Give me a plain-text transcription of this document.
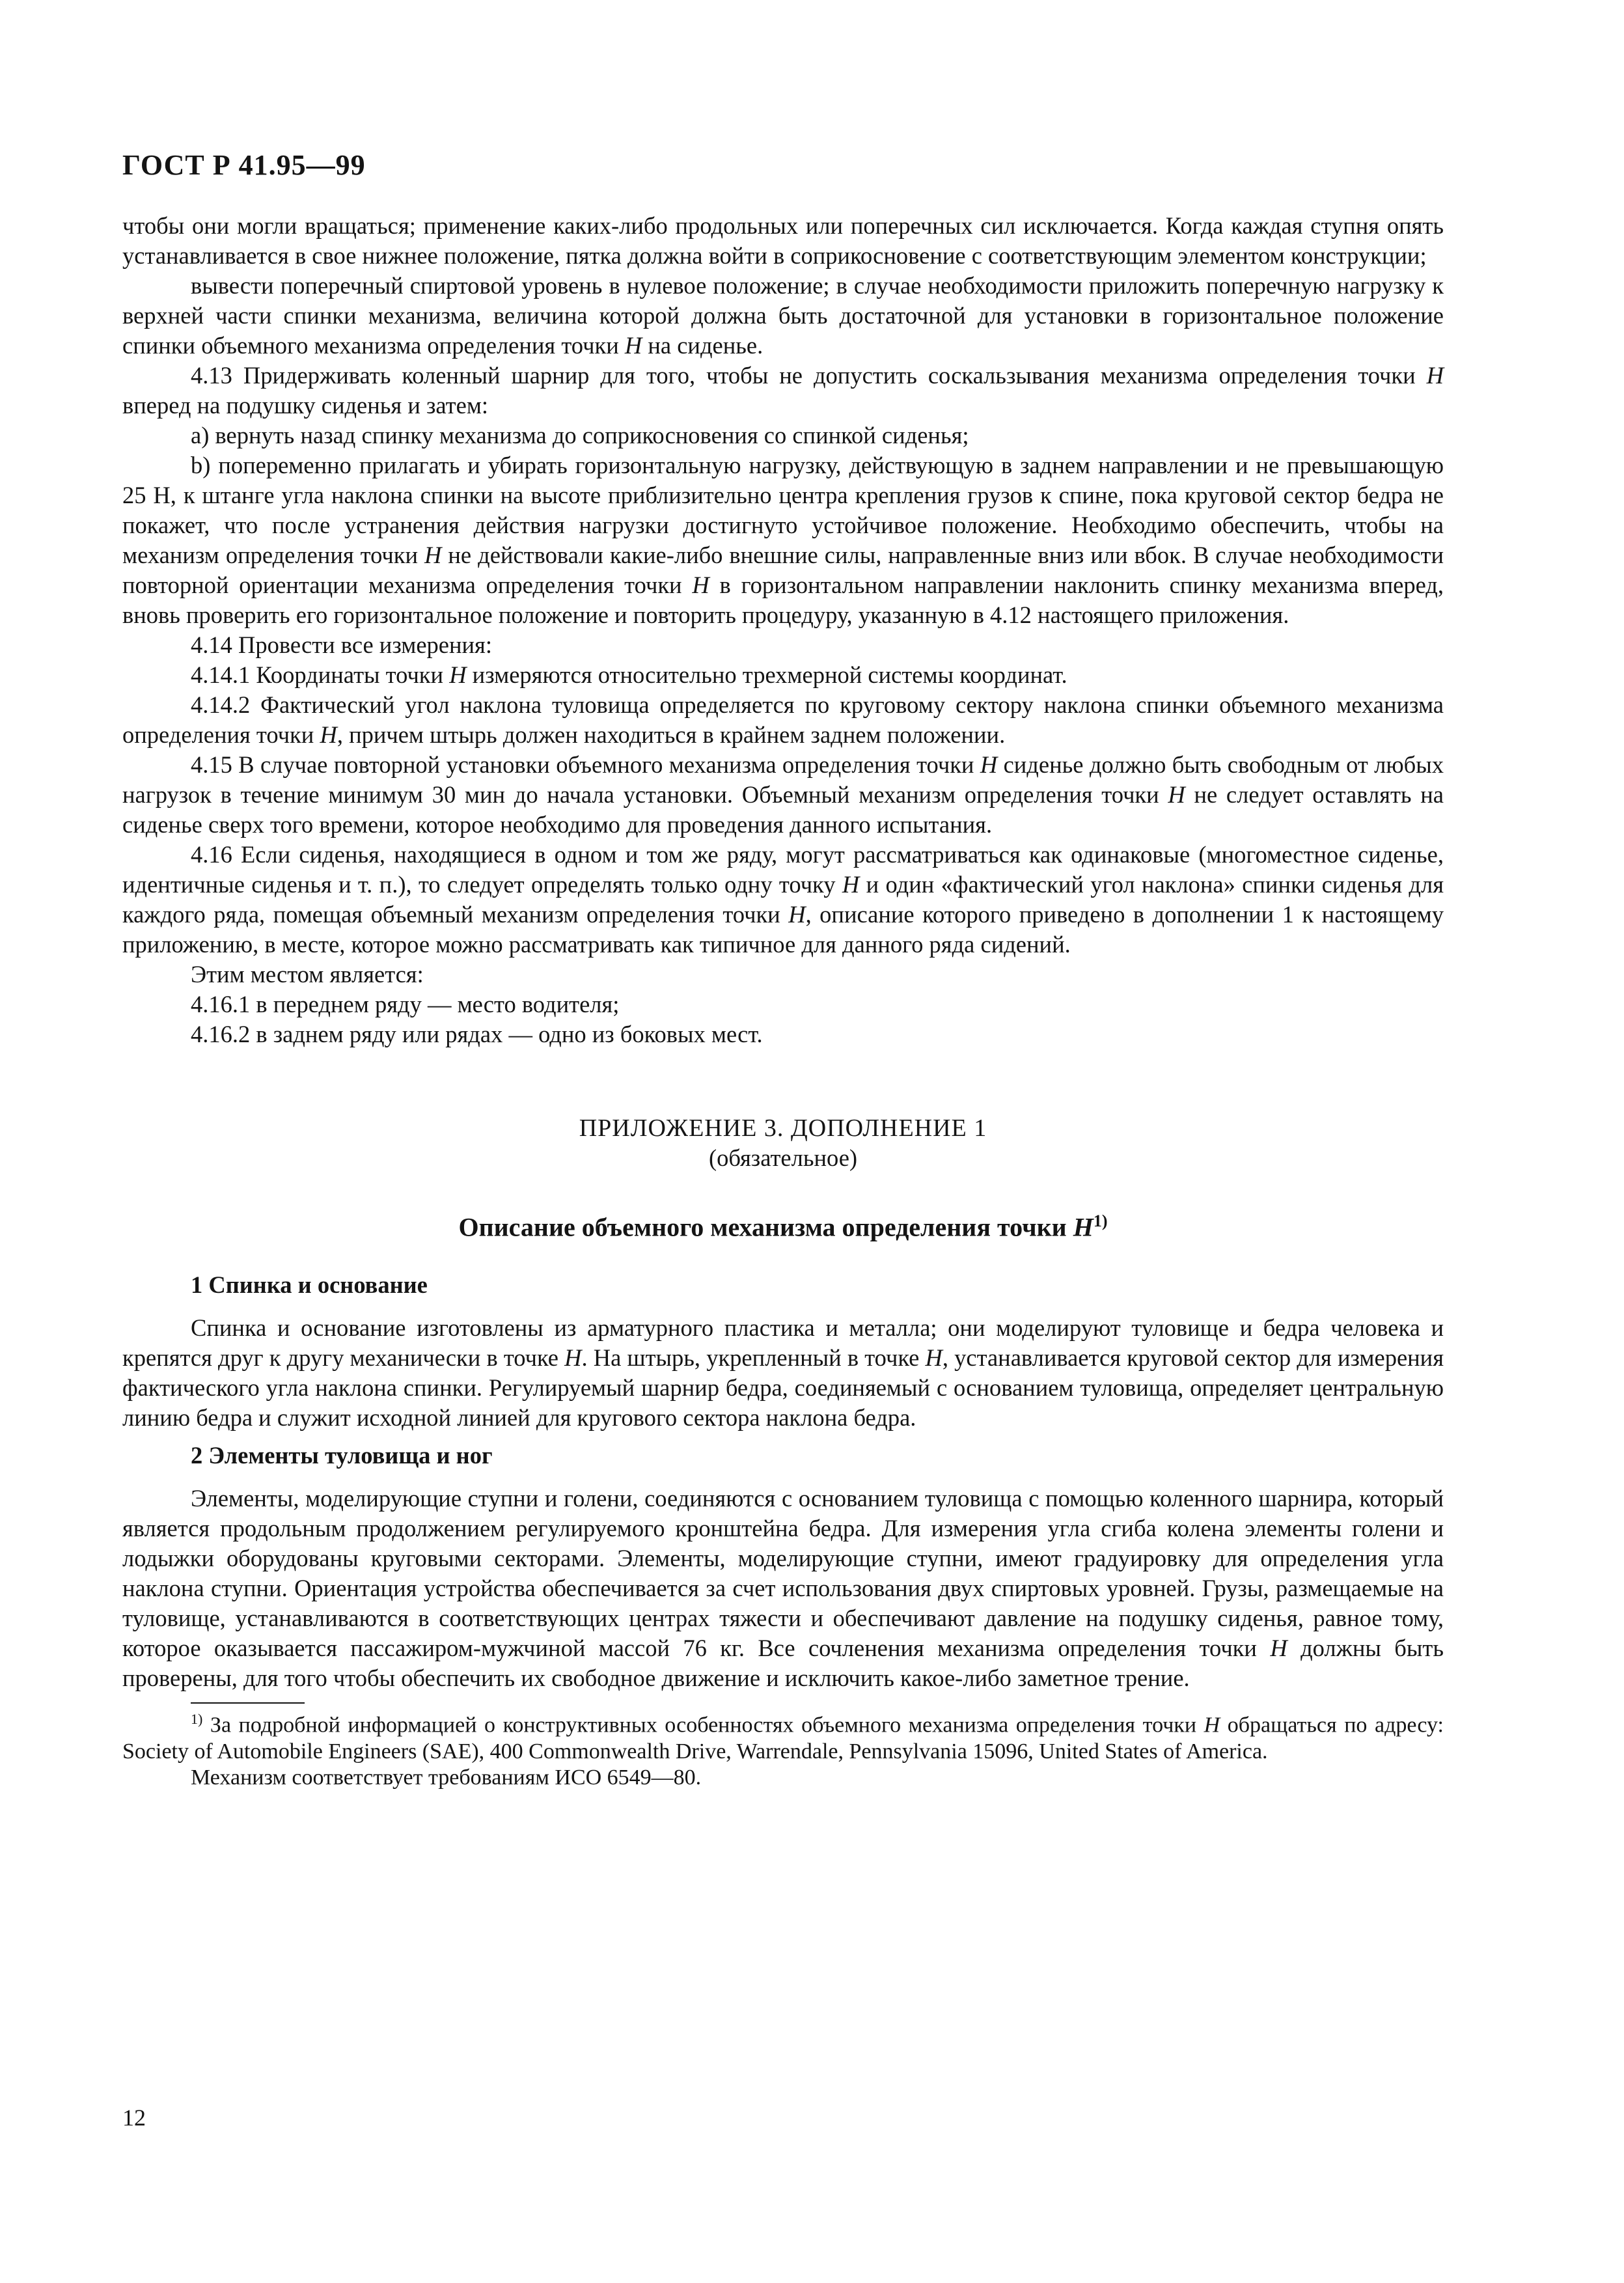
ГОСТ Р 41.95—99

чтобы они могли вращаться; применение каких-либо продольных или поперечных сил исключается. Когда каждая ступня опять устанавливается в свое нижнее положение, пятка должна войти в соприкосновение с соответствующим элементом конструкции;

вывести поперечный спиртовой уровень в нулевое положение; в случае необходимости приложить поперечную нагрузку к верхней части спинки механизма, величина которой должна быть достаточной для установки в горизонтальное положение спинки объемного механизма определения точки H на сиденье.

4.13 Придерживать коленный шарнир для того, чтобы не допустить соскальзывания механизма определения точки H вперед на подушку сиденья и затем:

a) вернуть назад спинку механизма до соприкосновения со спинкой сиденья;

b) попеременно прилагать и убирать горизонтальную нагрузку, действующую в заднем направлении и не превышающую 25 Н, к штанге угла наклона спинки на высоте приблизительно центра крепления грузов к спине, пока круговой сектор бедра не покажет, что после устранения действия нагрузки достигнуто устойчивое положение. Необходимо обеспечить, чтобы на механизм определения точки H не действовали какие-либо внешние силы, направленные вниз или вбок. В случае необходимости повторной ориентации механизма определения точки H в горизонтальном направлении наклонить спинку механизма вперед, вновь проверить его горизонтальное положение и повторить процедуру, указанную в 4.12 настоящего приложения.

4.14 Провести все измерения:

4.14.1 Координаты точки H измеряются относительно трехмерной системы координат.

4.14.2 Фактический угол наклона туловища определяется по круговому сектору наклона спинки объемного механизма определения точки H, причем штырь должен находиться в крайнем заднем положении.

4.15 В случае повторной установки объемного механизма определения точки H сиденье должно быть свободным от любых нагрузок в течение минимум 30 мин до начала установки. Объемный механизм определения точки H не следует оставлять на сиденье сверх того времени, которое необходимо для проведения данного испытания.

4.16 Если сиденья, находящиеся в одном и том же ряду, могут рассматриваться как одинаковые (многоместное сиденье, идентичные сиденья и т. п.), то следует определять только одну точку H и один «фактический угол наклона» спинки сиденья для каждого ряда, помещая объемный механизм определения точки H, описание которого приведено в дополнении 1 к настоящему приложению, в месте, которое можно рассматривать как типичное для данного ряда сидений.

Этим местом является:

4.16.1 в переднем ряду — место водителя;

4.16.2 в заднем ряду или рядах — одно из боковых мест.

ПРИЛОЖЕНИЕ 3. ДОПОЛНЕНИЕ 1
(обязательное)
Описание объемного механизма определения точки $H^{1)}$
1 Спинка и основание

Спинка и основание изготовлены из арматурного пластика и металла; они моделируют туловище и бедра человека и крепятся друг к другу механически в точке H. На штырь, укрепленный в точке H, устанавливается круговой сектор для измерения фактического угла наклона спинки. Регулируемый шарнир бедра, соединяемый с основанием туловища, определяет центральную линию бедра и служит исходной линией для кругового сектора наклона бедра.

2 Элементы туловища и ног

Элементы, моделирующие ступни и голени, соединяются с основанием туловища с помощью коленного шарнира, который является продольным продолжением регулируемого кронштейна бедра. Для измерения угла сгиба колена элементы голени и лодыжки оборудованы круговыми секторами. Элементы, моделирующие ступни, имеют градуировку для определения угла наклона ступни. Ориентация устройства обеспечивается за счет использования двух спиртовых уровней. Грузы, размещаемые на туловище, устанавливаются в соответствующих центрах тяжести и обеспечивают давление на подушку сиденья, равное тому, которое оказывается пассажиром-мужчиной массой 76 кг. Все сочленения механизма определения точки H должны быть проверены, для того чтобы обеспечить их свободное движение и исключить какое-либо заметное трение.

$^{1)}$ За подробной информацией о конструктивных особенностях объемного механизма определения точки H обращаться по адресу: Society of Automobile Engineers (SAE), 400 Commonwealth Drive, Warrendale, Pennsylvania 15096, United States of America.

Механизм соответствует требованиям ИСО 6549—80.

12
